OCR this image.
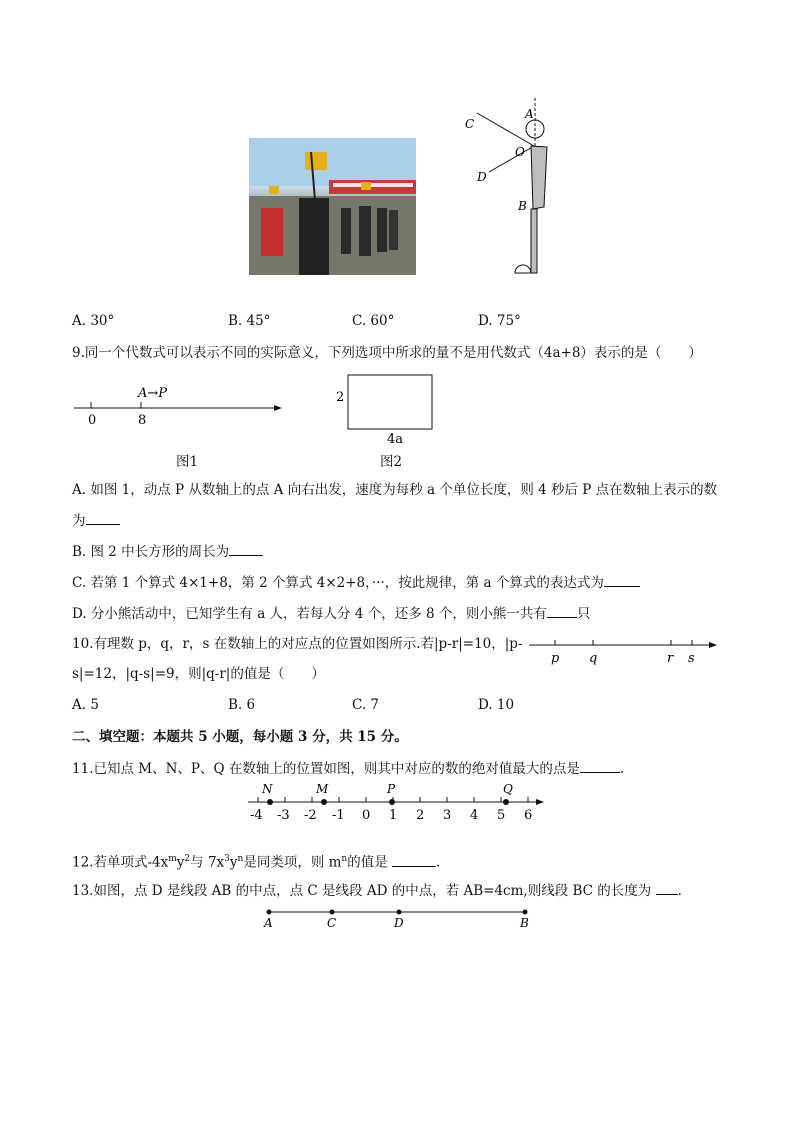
A
O
B
C
D
A. 30°	B. 45°	C. 60°	D. 75°
9.同一个代数式可以表示不同的实际意义，下列选项中所求的量不是用代数式（4a+8）表示的是（　　）
A→P
0	8
2
4a
图1	图2
A. 如图 1，动点 P 从数轴上的点 A 向右出发，速度为每秒 a 个单位长度，则 4 秒后 P 点在数轴上表示的数
为
B. 图 2 中长方形的周长为
C. 若第 1 个算式 4×1+8，第 2 个算式 4×2+8，···，按此规律，第 a 个算式的表达式为
D. 分小熊活动中，已知学生有 a 人，若每人分 4 个，还多 8 个，则小熊一共有 只
10.有理数 p，q，r，s 在数轴上的对应点的位置如图所示.若|p-r|=10，|p-
s|=12，|q-s|=9，则|q-r|的值是（　　）
p q	r s
A. 5	B. 6	C. 7	D. 10
二、填空题：本题共 5 小题，每小题 3 分，共 15 分。
11.已知点 M、N、P、Q 在数轴上的位置如图，则其中对应的数的绝对值最大的点是	.
N	M	P	Q
-4 -3 -2 -1 0 1 2 3 4 5 6
12.若单项式$-4x^my^2$与 $7x^3y^n$是同类项，则 $m^n$的值是	.
13.如图，点 D 是线段 AB 的中点，点 C 是线段 AD 的中点，若 AB=4cm,则线段 BC 的长度为 .
A	C	D	B
